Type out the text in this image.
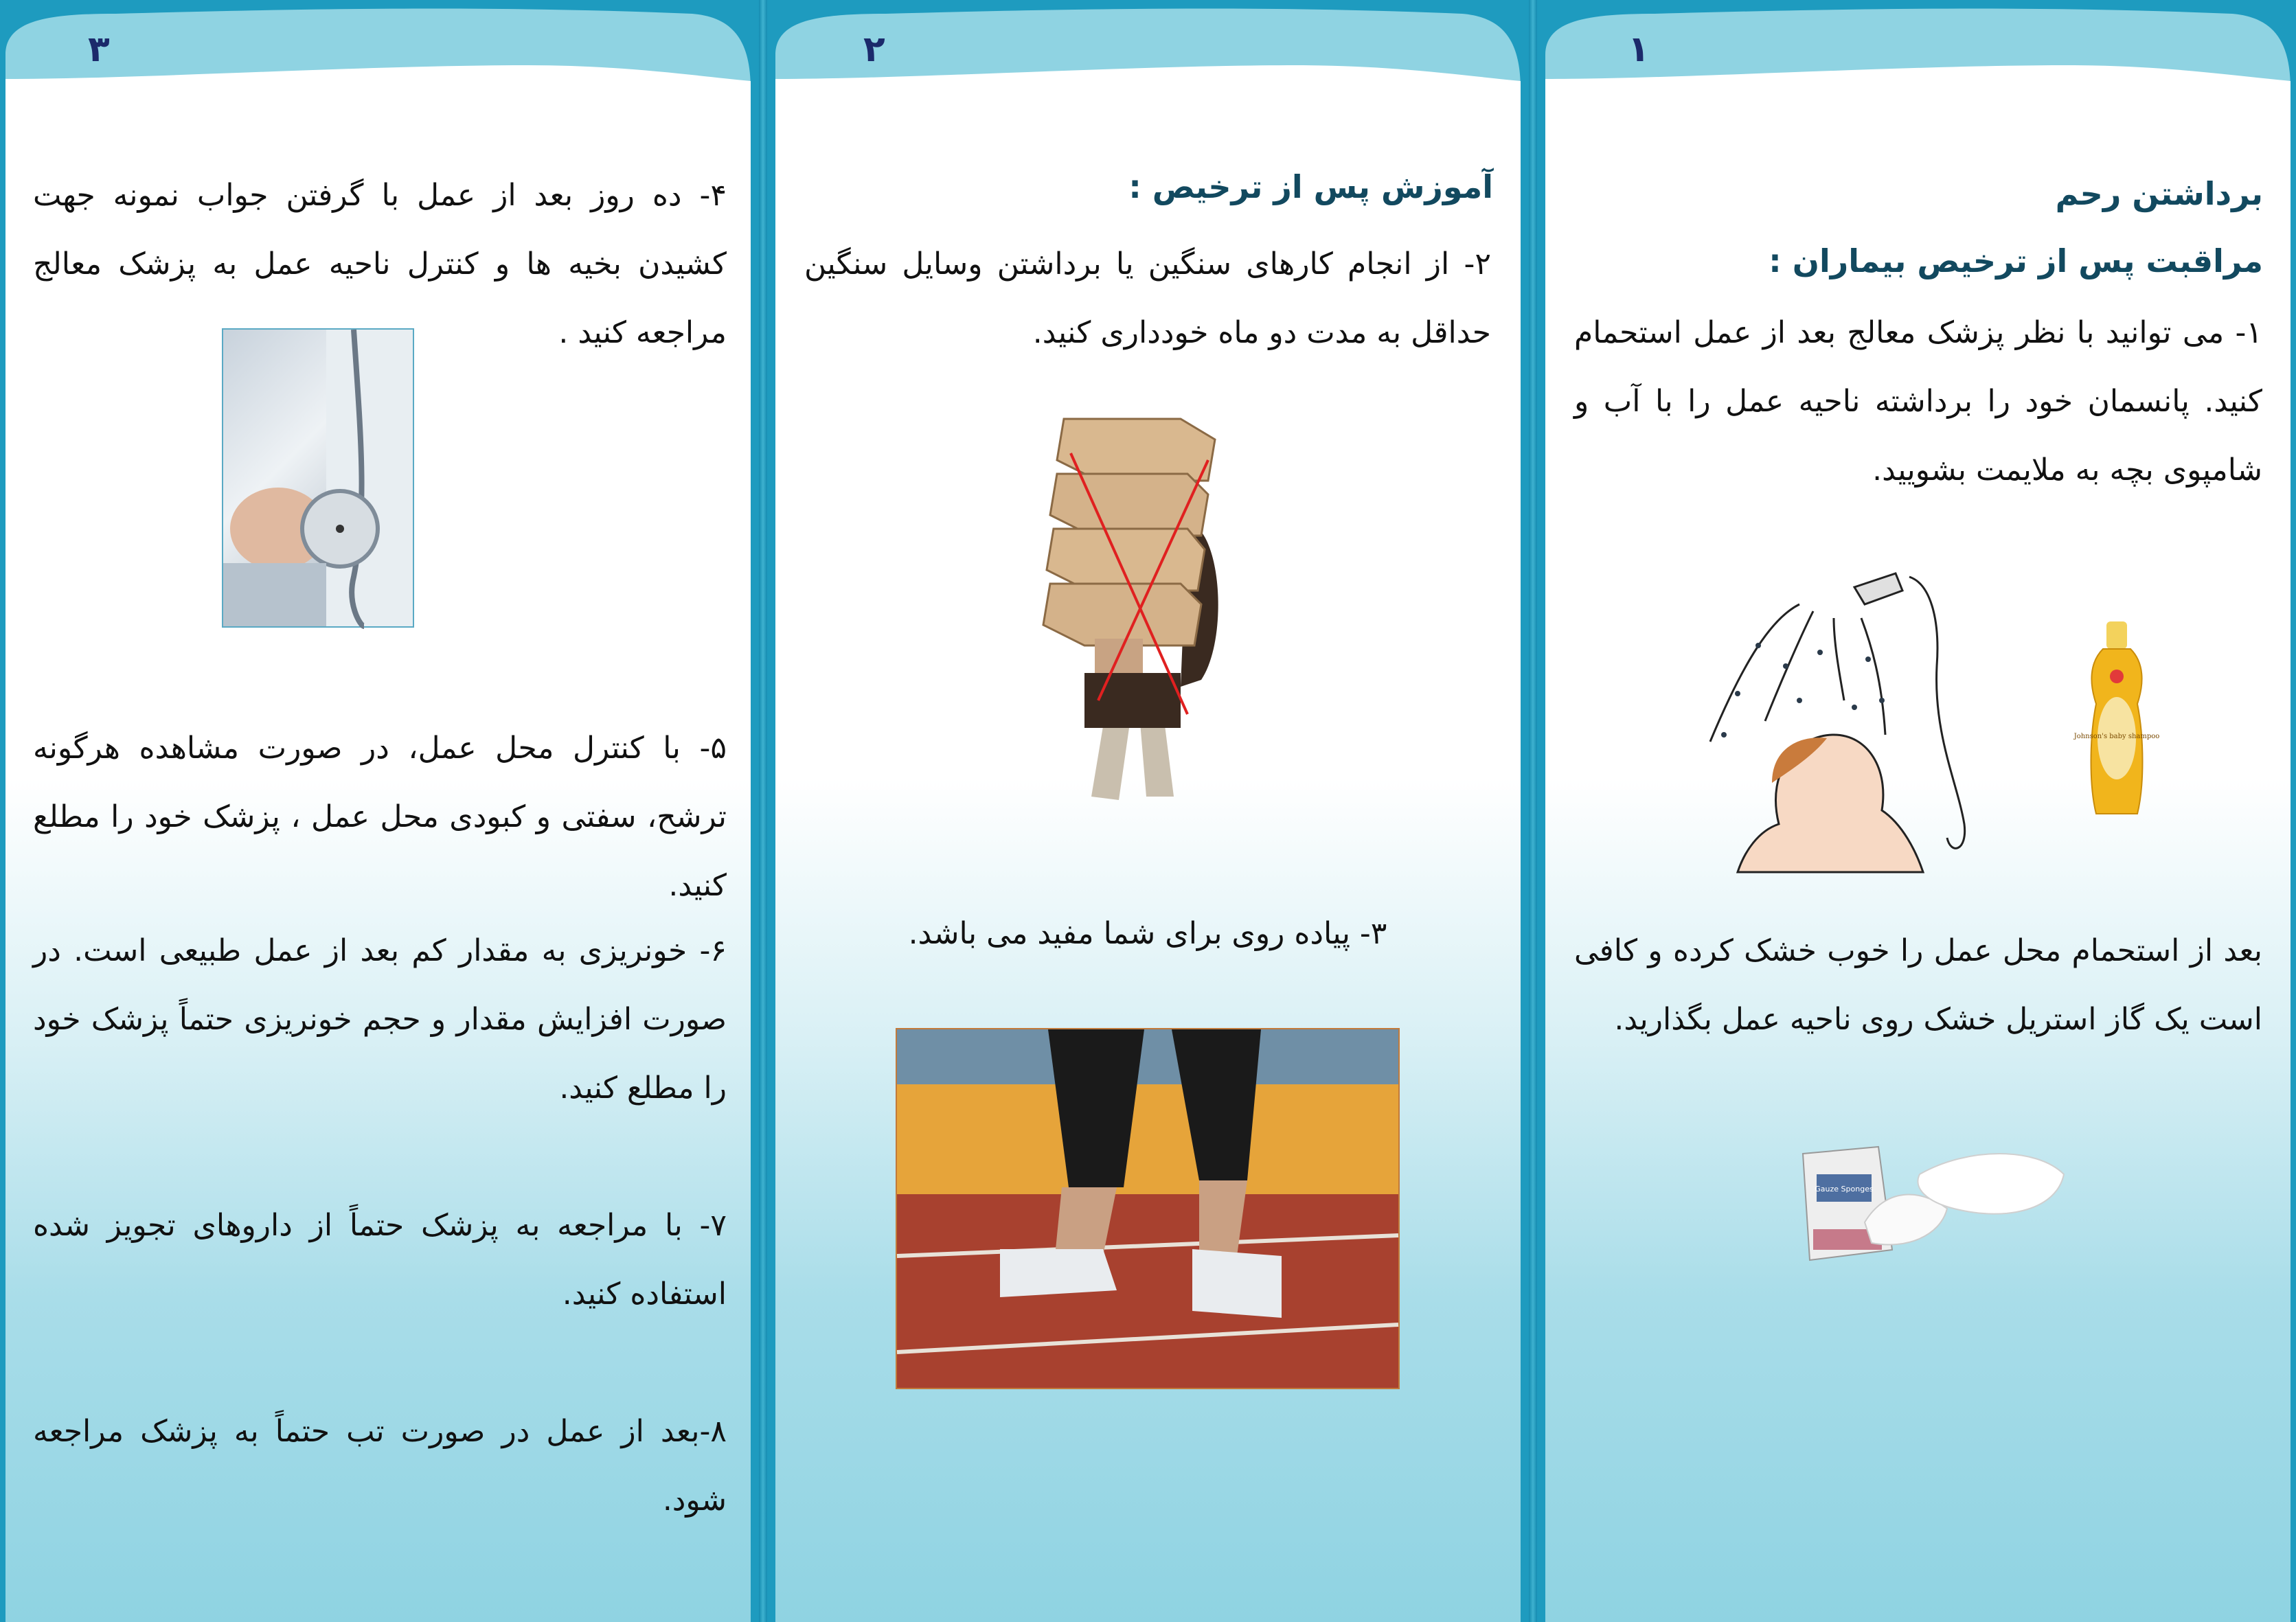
۳
۴- ده روز بعد از عمل با گرفتن جواب نمونه جهت کشیدن بخیه ها و کنترل ناحیه عمل به پزشک معالج مراجعه کنید .
۵- با کنترل محل عمل، در صورت مشاهده هرگونه ترشح، سفتی و کبودی محل عمل ، پزشک خود را مطلع کنید.
۶- خونریزی به مقدار کم بعد از عمل طبیعی است. در صورت افزایش مقدار و حجم خونریزی حتماً پزشک خود را مطلع کنید.
۷- با مراجعه به پزشک حتماً از داروهای تجویز شده استفاده کنید.
۸-بعد از عمل در صورت تب حتماً به پزشک مراجعه شود.
۲
آموزش پس از ترخیص :
۲- از انجام کارهای سنگین یا برداشتن وسایل سنگین حداقل به مدت دو ماه خودداری کنید.
۳- پیاده روی برای شما مفید می باشد.
۱
برداشتن رحم
مراقبت پس از ترخیص بیماران :
۱- می توانید با نظر پزشک معالج بعد از عمل استحمام کنید. پانسمان خود را برداشته ناحیه عمل را با آب و شامپوی بچه به ملایمت بشویید.
Johnson's baby shampoo
بعد از استحمام محل عمل را خوب خشک کرده و کافی است یک گاز استریل خشک روی ناحیه عمل بگذارید.
Gauze Sponges
